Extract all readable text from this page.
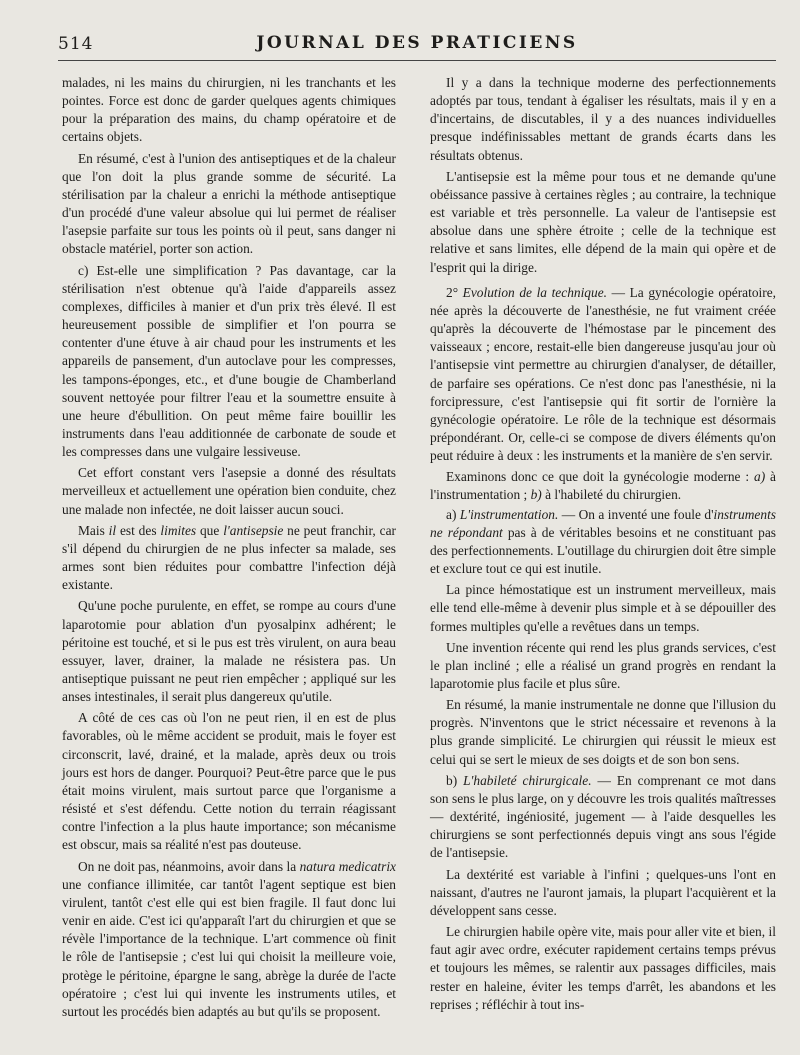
514	JOURNAL DES PRATICIENS

malades, ni les mains du chirurgien, ni les tranchants et les pointes. Force est donc de garder quelques agents chimiques pour la préparation des mains, du champ opératoire et de certains objets.

En résumé, c'est à l'union des antiseptiques et de la chaleur que l'on doit la plus grande somme de sécurité. La stérilisation par la chaleur a enrichi la méthode antiseptique d'un procédé d'une valeur absolue qui lui permet de réaliser l'asepsie parfaite sur tous les points où il peut, sans danger ni obstacle matériel, porter son action.

c) Est-elle une simplification ? Pas davantage, car la stérilisation n'est obtenue qu'à l'aide d'appareils assez complexes, difficiles à manier et d'un prix très élevé. Il est heureusement possible de simplifier et l'on pourra se contenter d'une étuve à air chaud pour les instruments et les appareils de pansement, d'un autoclave pour les compresses, les tampons-éponges, etc., et d'une bougie de Chamberland souvent nettoyée pour filtrer l'eau et la soumettre ensuite à une heure d'ébullition. On peut même faire bouillir les instruments dans l'eau additionnée de carbonate de soude et les compresses dans une vulgaire lessiveuse.

Cet effort constant vers l'asepsie a donné des résultats merveilleux et actuellement une opération bien conduite, chez une malade non infectée, ne doit laisser aucun souci.

Mais il est des limites que l'antisepsie ne peut franchir, car s'il dépend du chirurgien de ne plus infecter sa malade, ses armes sont bien réduites pour combattre l'infection déjà existante.

Qu'une poche purulente, en effet, se rompe au cours d'une laparotomie pour ablation d'un pyosalpinx adhérent; le péritoine est touché, et si le pus est très virulent, on aura beau essuyer, laver, drainer, la malade ne résistera pas. Un antiseptique puissant ne peut rien empêcher ; appliqué sur les anses intestinales, il serait plus dangereux qu'utile.

A côté de ces cas où l'on ne peut rien, il en est de plus favorables, où le même accident se produit, mais le foyer est circonscrit, lavé, drainé, et la malade, après deux ou trois jours est hors de danger. Pourquoi? Peut-être parce que le pus était moins virulent, mais surtout parce que l'organisme a résisté et s'est défendu. Cette notion du terrain réagissant contre l'infection a la plus haute importance; son mécanisme est obscur, mais sa réalité n'est pas douteuse.

On ne doit pas, néanmoins, avoir dans la natura medicatrix une confiance illimitée, car tantôt l'agent septique est bien virulent, tantôt c'est elle qui est bien fragile. Il faut donc lui venir en aide. C'est ici qu'apparaît l'art du chirurgien et que se révèle l'importance de la technique. L'art commence où finit le rôle de l'antisepsie ; c'est lui qui choisit la meilleure voie, protège le péritoine, épargne le sang, abrège la durée de l'acte opératoire ; c'est lui qui invente les instruments utiles, et surtout les procédés bien adaptés au but qu'ils se proposent.

Il y a dans la technique moderne des perfectionnements adoptés par tous, tendant à égaliser les résultats, mais il y en a d'incertains, de discutables, il y a des nuances individuelles presque indéfinissables mettant de grands écarts dans les résultats obtenus.

L'antisepsie est la même pour tous et ne demande qu'une obéissance passive à certaines règles ; au contraire, la technique est variable et très personnelle. La valeur de l'antisepsie est absolue dans une sphère étroite ; celle de la technique est relative et sans limites, elle dépend de la main qui opère et de l'esprit qui la dirige.

2° Evolution de la technique. — La gynécologie opératoire, née après la découverte de l'anesthésie, ne fut vraiment créée qu'après la découverte de l'hémostase par le pincement des vaisseaux ; encore, restait-elle bien dangereuse jusqu'au jour où l'antisepsie vint permettre au chirurgien d'analyser, de détailler, de parfaire ses opérations. Ce n'est donc pas l'anesthésie, ni la forcipressure, c'est l'antisepsie qui fit sortir de l'ornière la gynécologie opératoire. Le rôle de la technique est désormais prépondérant. Or, celle-ci se compose de divers éléments qu'on peut réduire à deux : les instruments et la manière de s'en servir.

Examinons donc ce que doit la gynécologie moderne : a) à l'instrumentation ; b) à l'habileté du chirurgien.

a) L'instrumentation. — On a inventé une foule d'instruments ne répondant pas à de véritables besoins et ne constituant pas des perfectionnements. L'outillage du chirurgien doit être simple et exclure tout ce qui est inutile.

La pince hémostatique est un instrument merveilleux, mais elle tend elle-même à devenir plus simple et à se dépouiller des formes multiples qu'elle a revêtues dans un temps.

Une invention récente qui rend les plus grands services, c'est le plan incliné ; elle a réalisé un grand progrès en rendant la laparotomie plus facile et plus sûre.

En résumé, la manie instrumentale ne donne que l'illusion du progrès. N'inventons que le strict nécessaire et revenons à la plus grande simplicité. Le chirurgien qui réussit le mieux est celui qui se sert le mieux de ses doigts et de son bon sens.

b) L'habileté chirurgicale. — En comprenant ce mot dans son sens le plus large, on y découvre les trois qualités maîtresses — dextérité, ingéniosité, jugement — à l'aide desquelles les chirurgiens se sont perfectionnés depuis vingt ans sous l'égide de l'antisepsie.

La dextérité est variable à l'infini ; quelques-uns l'ont en naissant, d'autres ne l'auront jamais, la plupart l'acquièrent et la développent sans cesse.

Le chirurgien habile opère vite, mais pour aller vite et bien, il faut agir avec ordre, exécuter rapidement certains temps prévus et toujours les mêmes, se ralentir aux passages difficiles, mais rester en haleine, éviter les temps d'arrêt, les abandons et les reprises ; réfléchir à tout ins-
